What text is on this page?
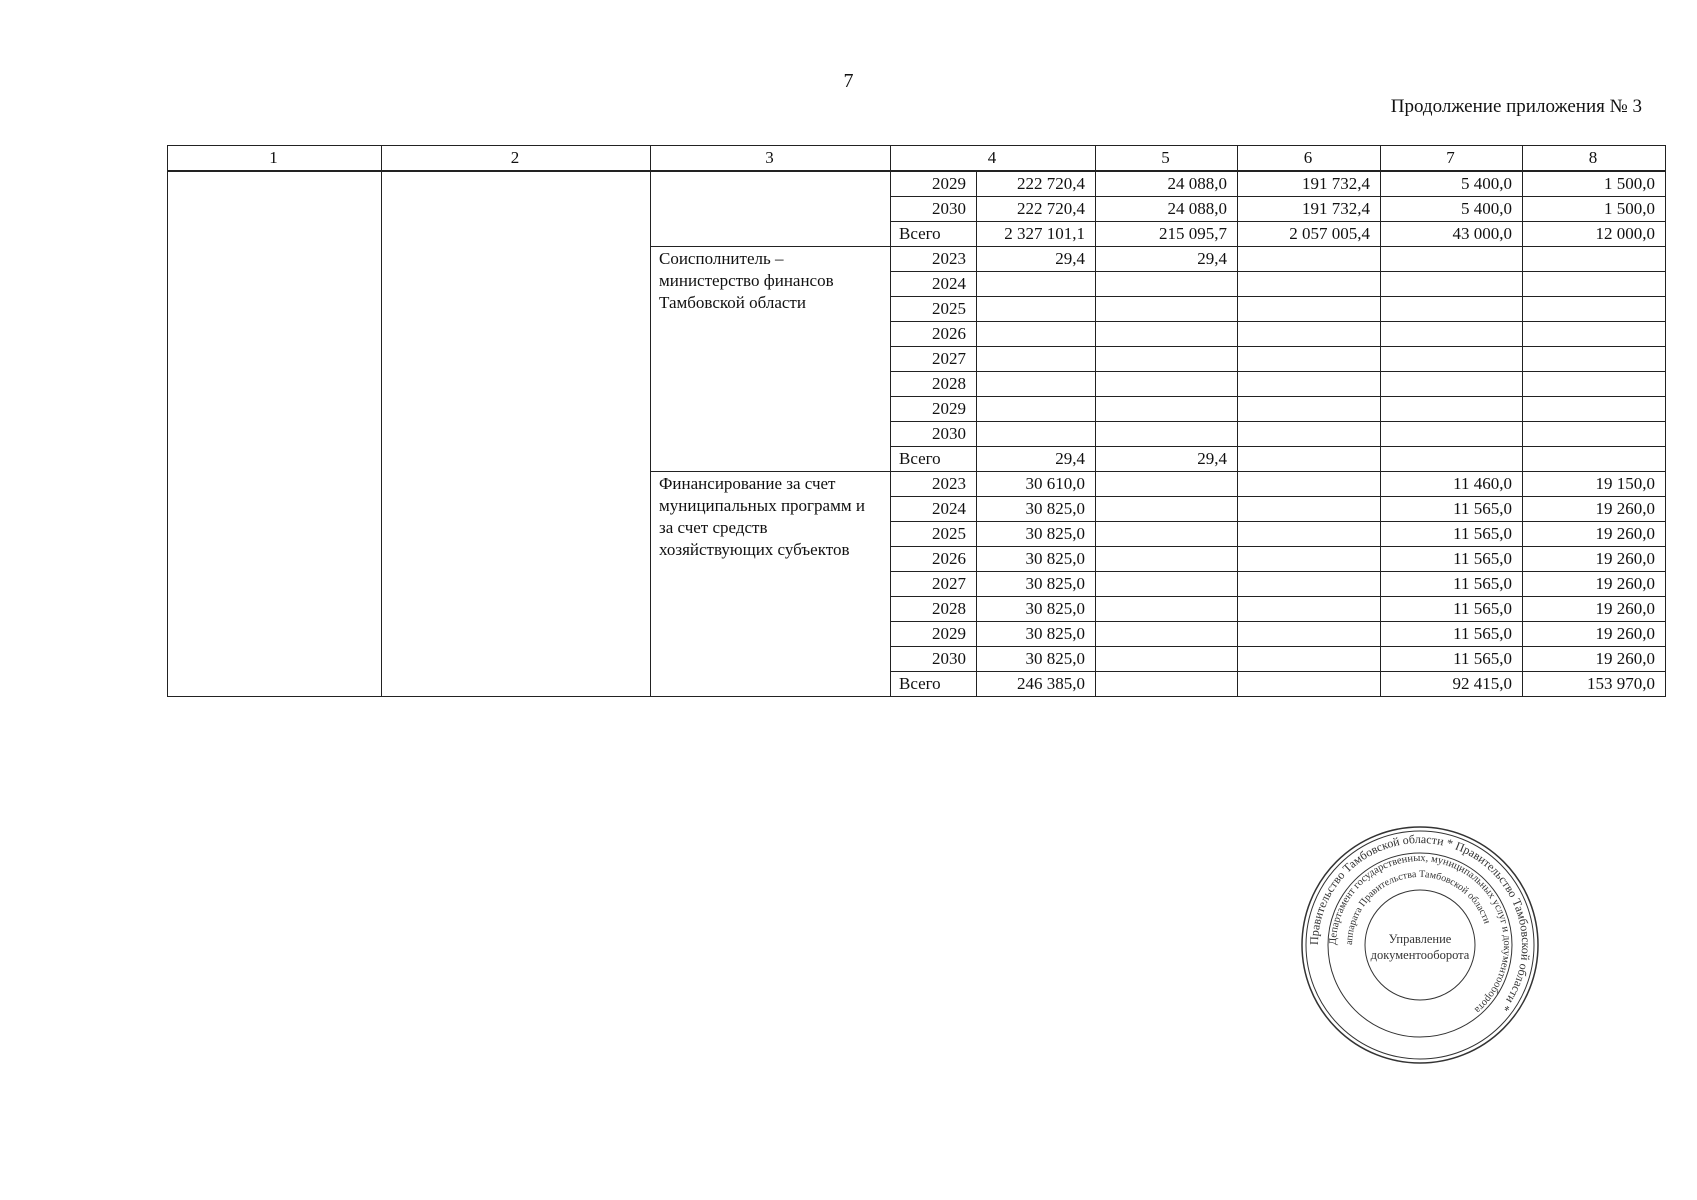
7
Продолжение приложения № 3
1	2	3	4		5	6	7	8
			2029	222 720,4	24 088,0	191 732,4	5 400,0	1 500,0
			2030	222 720,4	24 088,0	191 732,4	5 400,0	1 500,0
			Всего	2 327 101,1	215 095,7	2 057 005,4	43 000,0	12 000,0
		Соисполнитель – министерство финансов Тамбовской области	2023	29,4	29,4			
			2024					
			2025					
			2026					
			2027					
			2028					
			2029					
			2030					
			Всего	29,4	29,4			
		Финансирование за счет муниципальных программ и за счет средств хозяйствующих субъектов	2023	30 610,0			11 460,0	19 150,0
			2024	30 825,0			11 565,0	19 260,0
			2025	30 825,0			11 565,0	19 260,0
			2026	30 825,0			11 565,0	19 260,0
			2027	30 825,0			11 565,0	19 260,0
			2028	30 825,0			11 565,0	19 260,0
			2029	30 825,0			11 565,0	19 260,0
			2030	30 825,0			11 565,0	19 260,0
			Всего	246 385,0			92 415,0	153 970,0
Правительство Тамбовской области * Правительство Тамбовской области *
Департамент государственных, муниципальных услуг и документооборота
аппарата Правительства Тамбовской области
Управление
документооборота
